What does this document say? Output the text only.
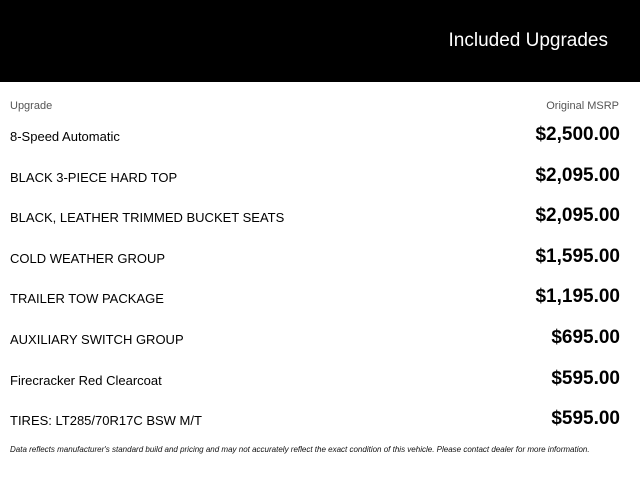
Included Upgrades
Upgrade	Original MSRP
8-Speed Automatic	$2,500.00
BLACK 3-PIECE HARD TOP	$2,095.00
BLACK, LEATHER TRIMMED BUCKET SEATS	$2,095.00
COLD WEATHER GROUP	$1,595.00
TRAILER TOW PACKAGE	$1,195.00
AUXILIARY SWITCH GROUP	$695.00
Firecracker Red Clearcoat	$595.00
TIRES: LT285/70R17C BSW M/T	$595.00
Data reflects manufacturer's standard build and pricing and may not accurately reflect the exact condition of this vehicle. Please contact dealer for more information.
